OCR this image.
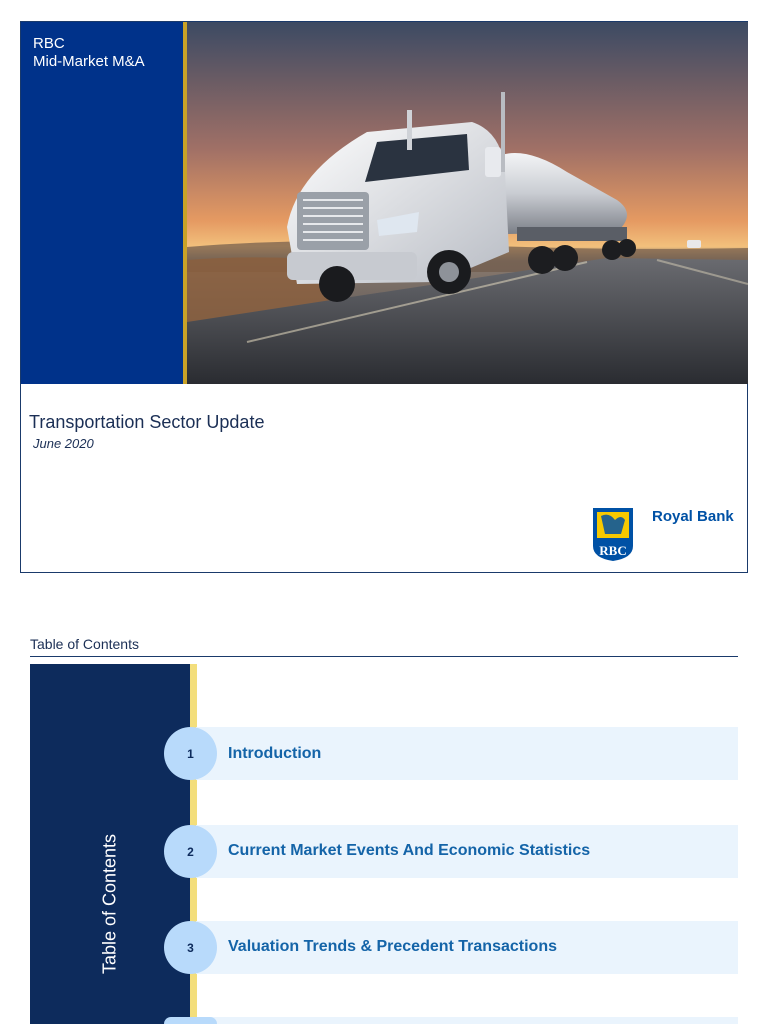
RBC
Mid-Market M&A
Transportation Sector Update
June 2020
RBC
Royal Bank
Table of Contents
Table of Contents
1	Introduction
2	Current Market Events And Economic Statistics
3	Valuation Trends & Precedent Transactions
